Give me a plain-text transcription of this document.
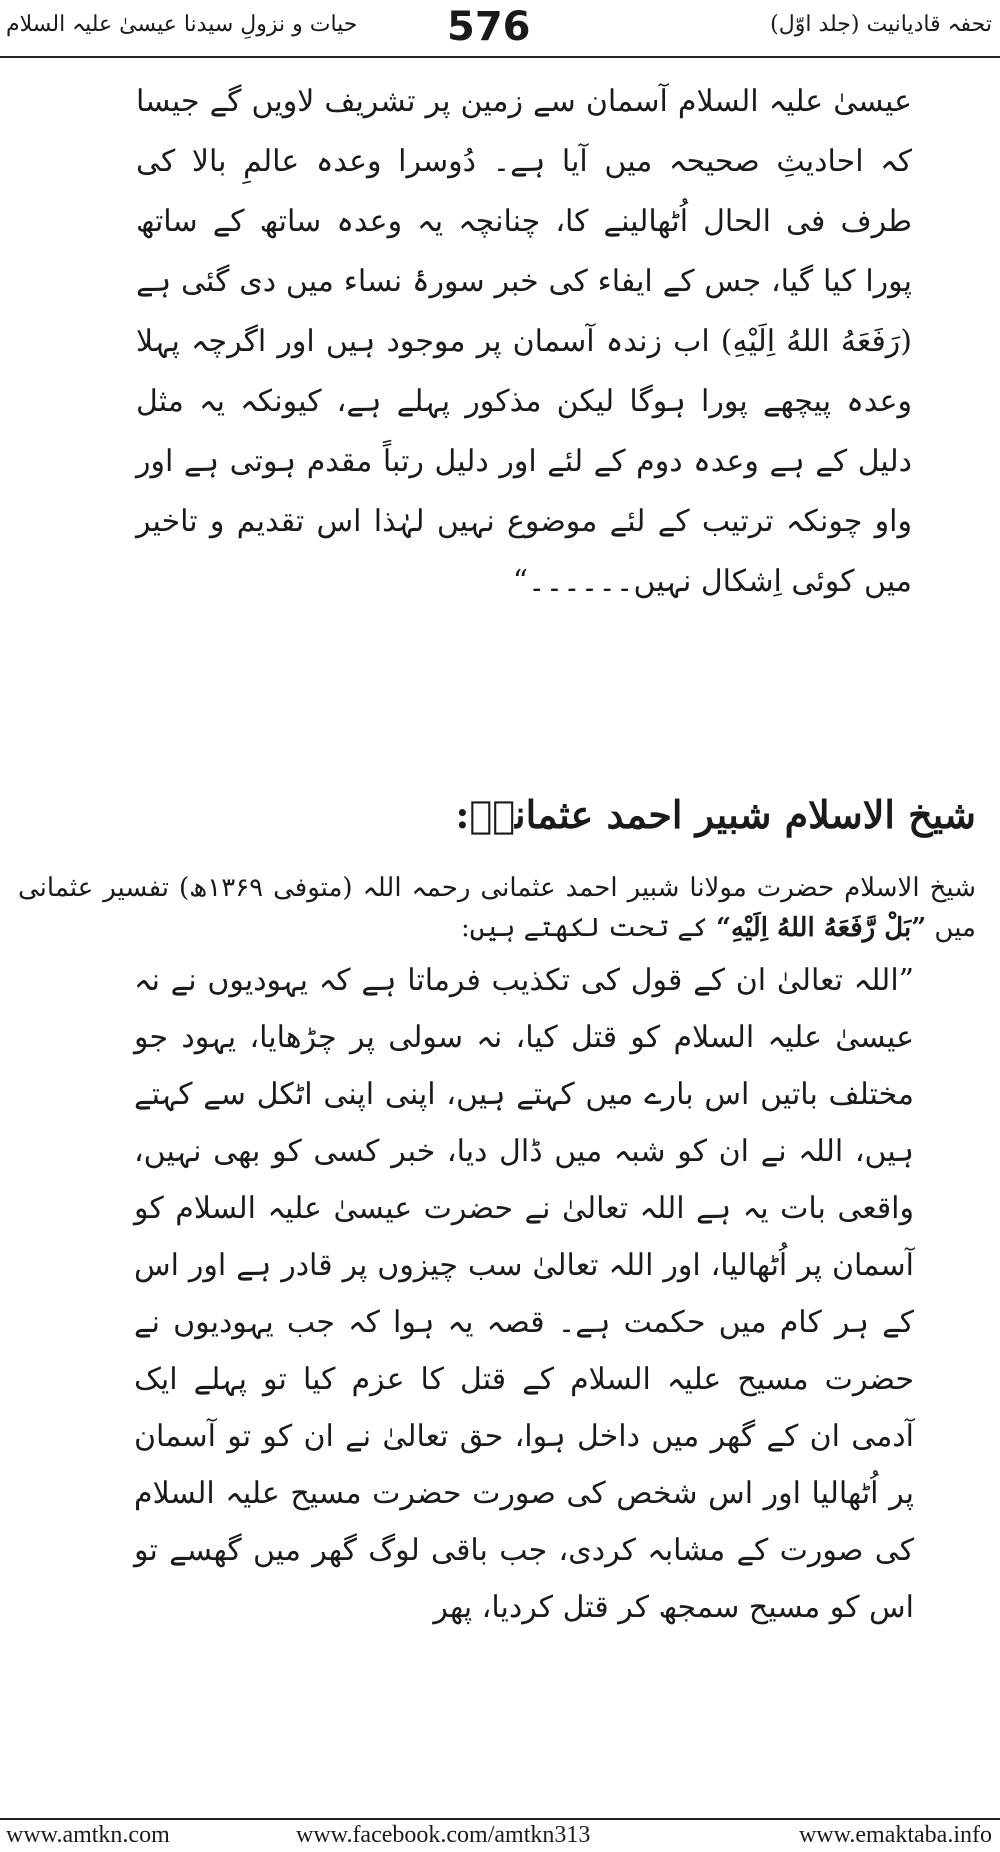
حیات و نزولِ سیدنا عیسیٰ علیہ السلام 576	تحفہ قادیانیت (جلد اوّل)
عیسیٰ علیہ السلام آسمان سے زمین پر تشریف لاویں گے جیسا کہ احادیثِ صحیحہ میں آیا ہے۔ دُوسرا وعدہ عالمِ بالا کی طرف فی الحال اُٹھالینے کا، چنانچہ یہ وعدہ ساتھ کے ساتھ پورا کیا گیا، جس کے ایفاء کی خبر سورۂ نساء میں دی گئی ہے (رَفَعَهُ اللهُ اِلَيْهِ) اب زندہ آسمان پر موجود ہیں اور اگرچہ پہلا وعدہ پیچھے پورا ہوگا لیکن مذکور پہلے ہے، کیونکہ یہ مثل دلیل کے ہے وعدہ دوم کے لئے اور دلیل رتباً مقدم ہوتی ہے اور واو چونکہ ترتیب کے لئے موضوع نہیں لہٰذا اس تقدیم و تاخیر میں کوئی اِشکال نہیں۔۔۔۔۔۔“
شیخ الاسلام شبیر احمد عثمانیؒ:
شیخ الاسلام حضرت مولانا شبیر احمد عثمانی رحمہ اللہ (متوفی ۱۳۶۹ھ) تفسیر عثمانی میں ”بَلْ رَّفَعَهُ اللهُ اِلَيْهِ“ کے تحت لکھتے ہیں:
”اللہ تعالیٰ ان کے قول کی تکذیب فرماتا ہے کہ یہودیوں نے نہ عیسیٰ علیہ السلام کو قتل کیا، نہ سولی پر چڑھایا، یہود جو مختلف باتیں اس بارے میں کہتے ہیں، اپنی اپنی اٹکل سے کہتے ہیں، اللہ نے ان کو شبہ میں ڈال دیا، خبر کسی کو بھی نہیں، واقعی بات یہ ہے اللہ تعالیٰ نے حضرت عیسیٰ علیہ السلام کو آسمان پر اُٹھالیا، اور اللہ تعالیٰ سب چیزوں پر قادر ہے اور اس کے ہر کام میں حکمت ہے۔ قصہ یہ ہوا کہ جب یہودیوں نے حضرت مسیح علیہ السلام کے قتل کا عزم کیا تو پہلے ایک آدمی ان کے گھر میں داخل ہوا، حق تعالیٰ نے ان کو تو آسمان پر اُٹھالیا اور اس شخص کی صورت حضرت مسیح علیہ السلام کی صورت کے مشابہ کردی، جب باقی لوگ گھر میں گھسے تو اس کو مسیح سمجھ کر قتل کردیا، پھر
www.amtkn.com	www.facebook.com/amtkn313	www.emaktaba.info
